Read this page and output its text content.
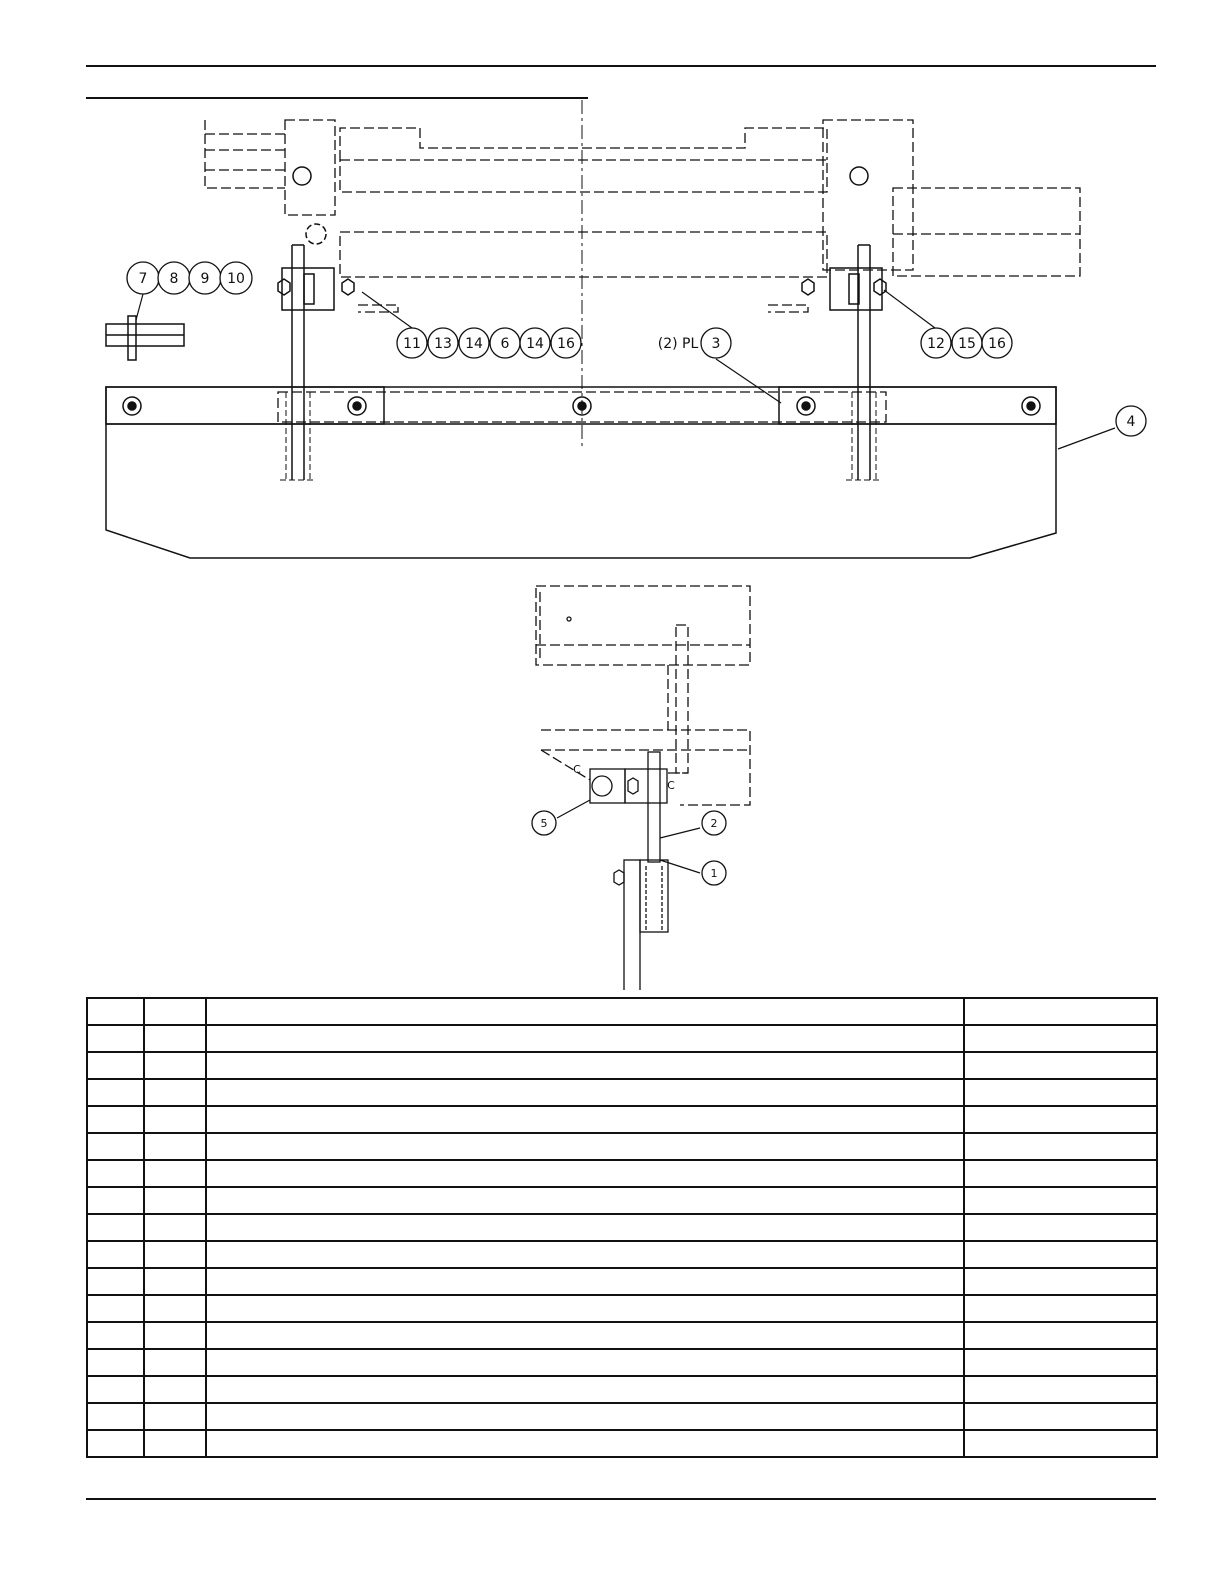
7 8 9 10
11 13 14 6 14 16	(2) PL 3	12 15 16
4
5	2
1
C
C
